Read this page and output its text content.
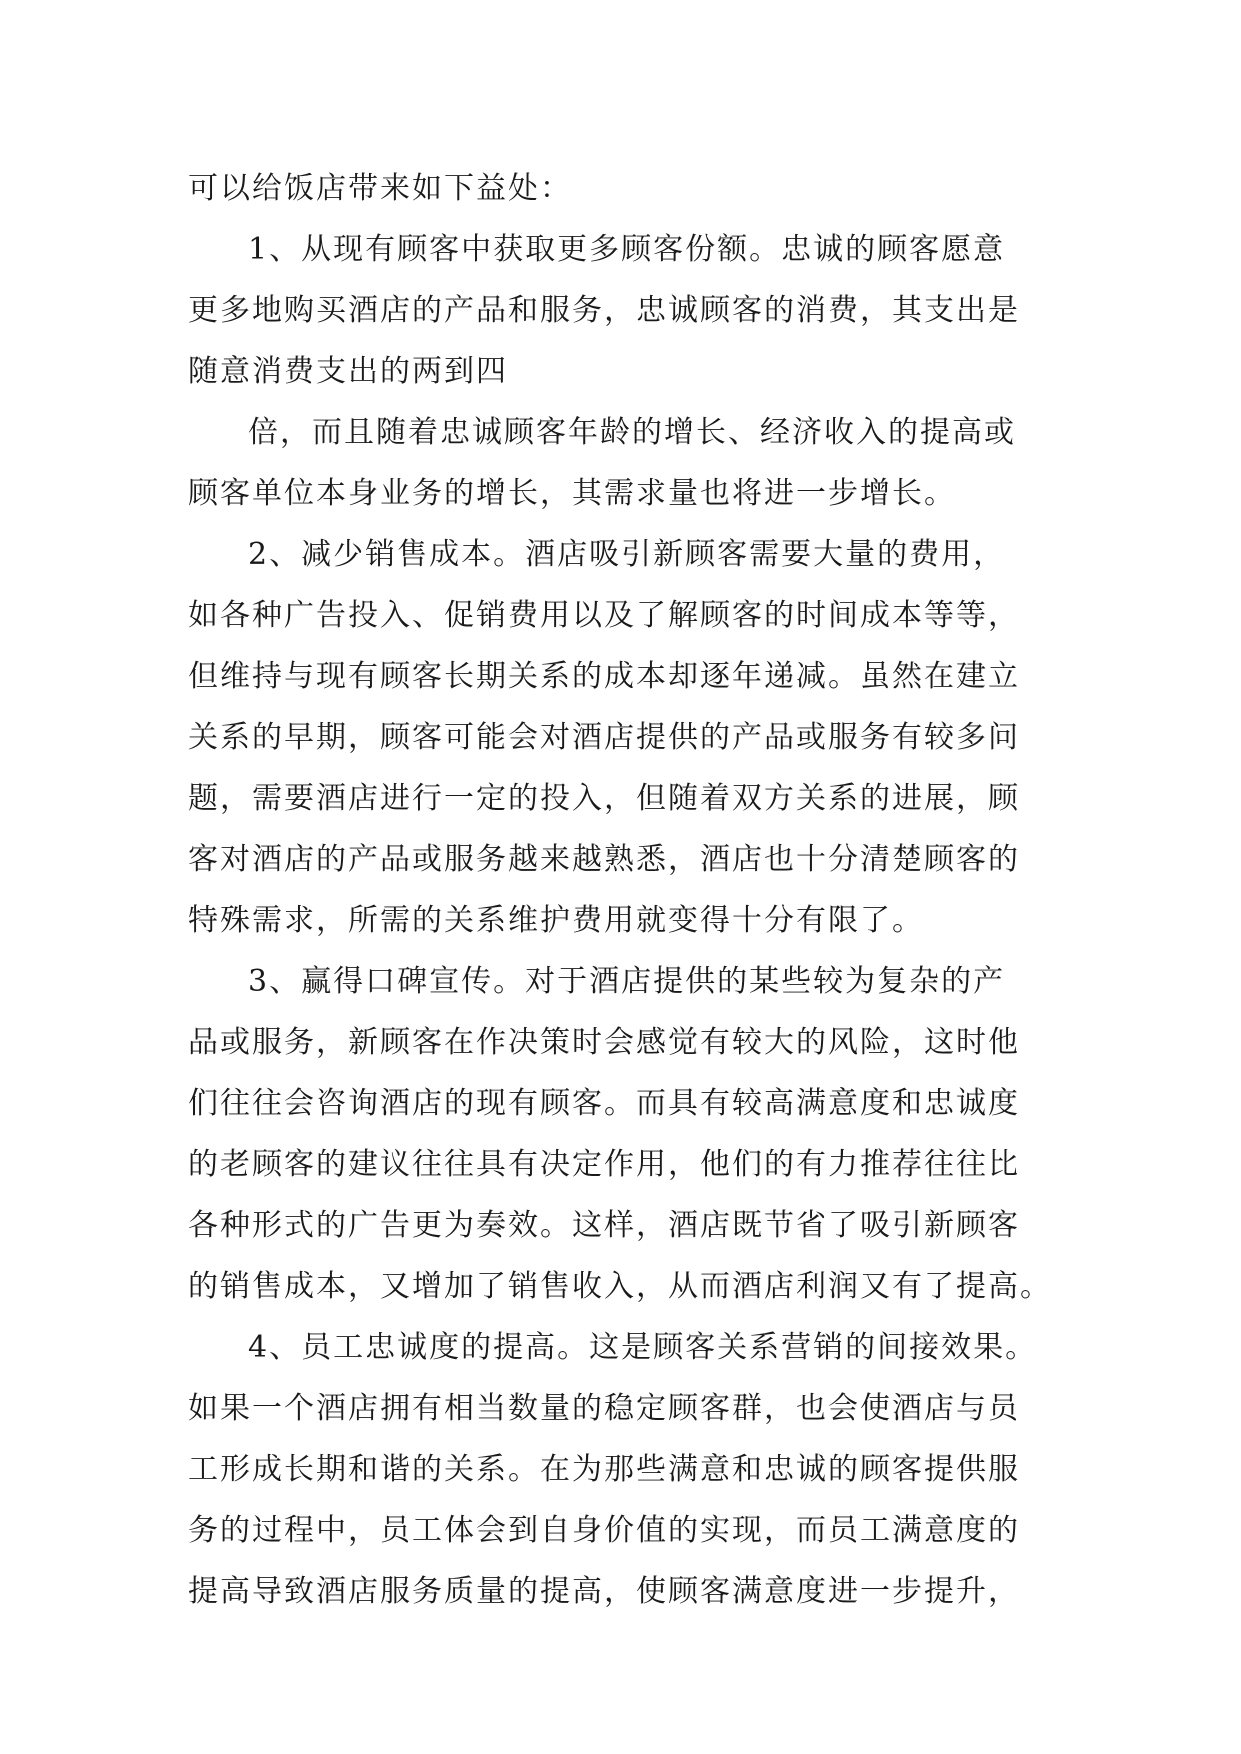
可以给饭店带来如下益处：
1、从现有顾客中获取更多顾客份额。忠诚的顾客愿意
更多地购买酒店的产品和服务，忠诚顾客的消费，其支出是
随意消费支出的两到四
倍，而且随着忠诚顾客年龄的增长、经济收入的提高或
顾客单位本身业务的增长，其需求量也将进一步增长。
2、减少销售成本。酒店吸引新顾客需要大量的费用，
如各种广告投入、促销费用以及了解顾客的时间成本等等，
但维持与现有顾客长期关系的成本却逐年递减。虽然在建立
关系的早期，顾客可能会对酒店提供的产品或服务有较多问
题，需要酒店进行一定的投入，但随着双方关系的进展，顾
客对酒店的产品或服务越来越熟悉，酒店也十分清楚顾客的
特殊需求，所需的关系维护费用就变得十分有限了。
3、赢得口碑宣传。对于酒店提供的某些较为复杂的产
品或服务，新顾客在作决策时会感觉有较大的风险，这时他
们往往会咨询酒店的现有顾客。而具有较高满意度和忠诚度
的老顾客的建议往往具有决定作用，他们的有力推荐往往比
各种形式的广告更为奏效。这样，酒店既节省了吸引新顾客
的销售成本，又增加了销售收入，从而酒店利润又有了提高。
4、员工忠诚度的提高。这是顾客关系营销的间接效果。
如果一个酒店拥有相当数量的稳定顾客群，也会使酒店与员
工形成长期和谐的关系。在为那些满意和忠诚的顾客提供服
务的过程中，员工体会到自身价值的实现，而员工满意度的
提高导致酒店服务质量的提高，使顾客满意度进一步提升，
